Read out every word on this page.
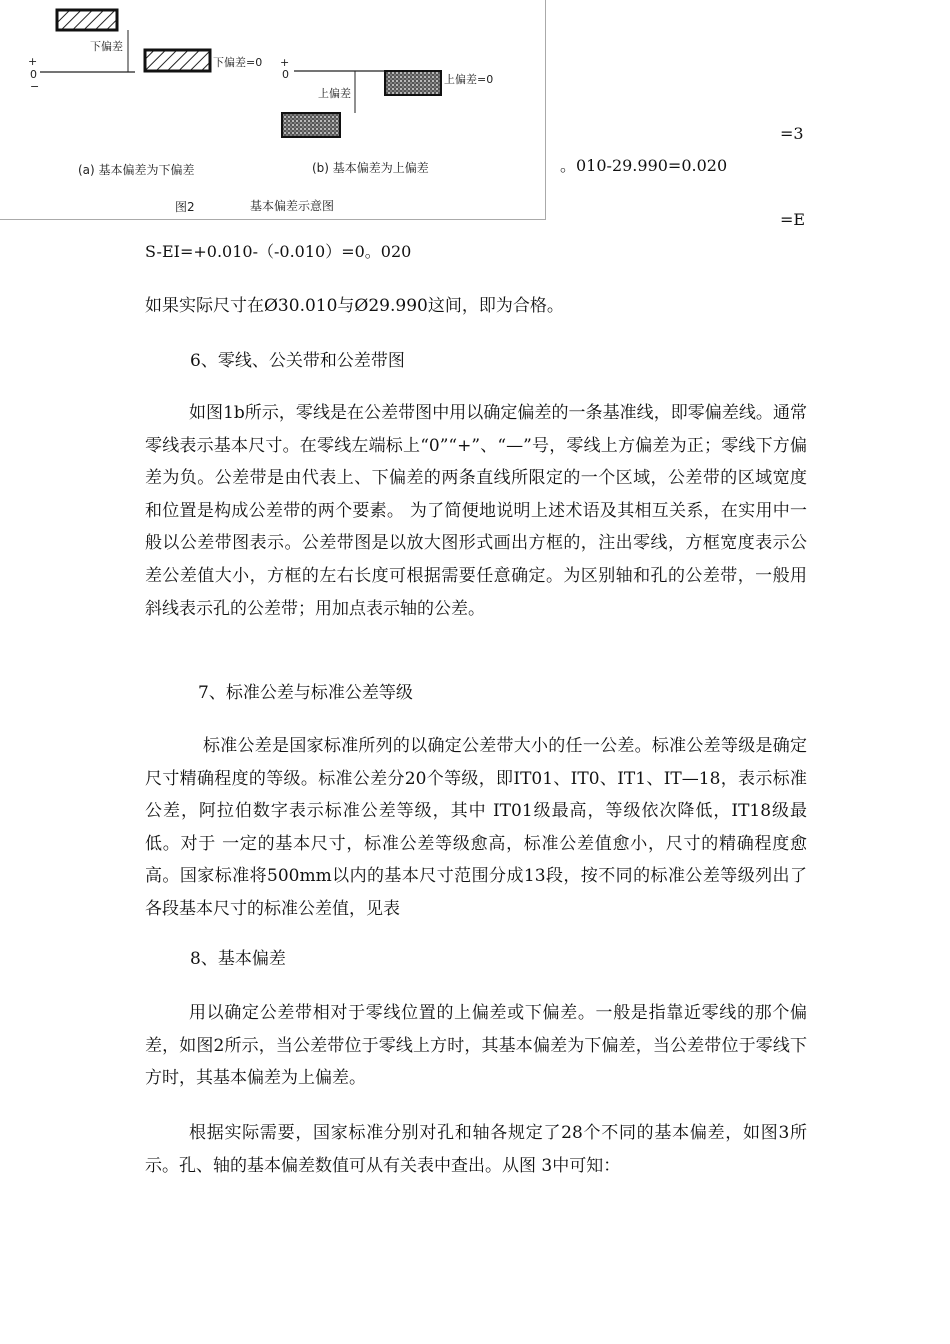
+
0
−
下偏差
下偏差=0 +
0	上偏差=0
上偏差
(a) 基本偏差为下偏差	(b) 基本偏差为上偏差
图2	基本偏差示意图
=3
。010-29.990=0.020
=E
S-EI=+0.010-（-0.010）=0。020

如果实际尺寸在Ø30.010与Ø29.990这间，即为合格。

6、零线、公关带和公差带图

如图1b所示，零线是在公差带图中用以确定偏差的一条基准线，即零偏差线。通常零线表示基本尺寸。在零线左端标上“0”“+”、“—”号，零线上方偏差为正；零线下方偏差为负。公差带是由代表上、下偏差的两条直线所限定的一个区域，公差带的区域宽度和位置是构成公差带的两个要素。 为了简便地说明上述术语及其相互关系，在实用中一般以公差带图表示。公差带图是以放大图形式画出方框的，注出零线，方框宽度表示公差公差值大小，方框的左右长度可根据需要任意确定。为区别轴和孔的公差带，一般用斜线表示孔的公差带；用加点表示轴的公差。

7、标准公差与标准公差等级

标准公差是国家标准所列的以确定公差带大小的任一公差。标准公差等级是确定尺寸精确程度的等级。标准公差分20个等级，即IT01、IT0、IT1、IT—18，表示标准公差，阿拉伯数字表示标准公差等级，其中 IT01级最高，等级依次降低，IT18级最低。对于 一定的基本尺寸，标准公差等级愈高，标准公差值愈小，尺寸的精确程度愈高。国家标准将500mm以内的基本尺寸范围分成13段，按不同的标准公差等级列出了各段基本尺寸的标准公差值，见表

8、基本偏差

用以确定公差带相对于零线位置的上偏差或下偏差。一般是指靠近零线的那个偏差，如图2所示，当公差带位于零线上方时，其基本偏差为下偏差，当公差带位于零线下方时，其基本偏差为上偏差。

根据实际需要，国家标准分别对孔和轴各规定了28个不同的基本偏差，如图3所示。孔、轴的基本偏差数值可从有关表中查出。从图 3中可知：
